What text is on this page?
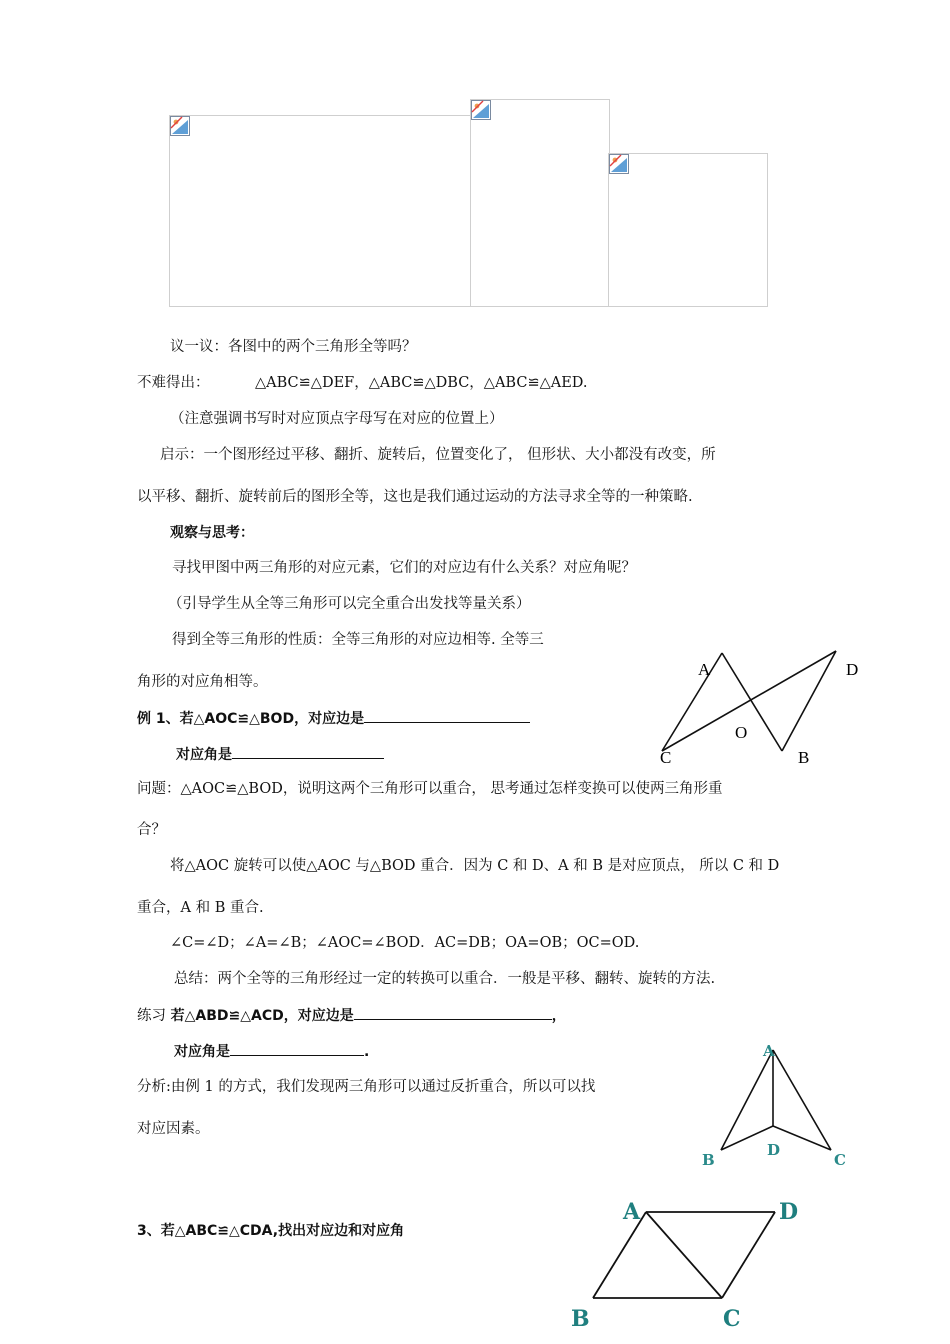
议一议：各图中的两个三角形全等吗？
不难得出：	△ABC≌△DEF，△ABC≌△DBC，△ABC≌△AED.
（注意强调书写时对应顶点字母写在对应的位置上）
启示：一个图形经过平移、翻折、旋转后，位置变化了， 但形状、大小都没有改变，所
以平移、翻折、旋转前后的图形全等，这也是我们通过运动的方法寻求全等的一种策略.
观察与思考：
寻找甲图中两三角形的对应元素，它们的对应边有什么关系？对应角呢？
（引导学生从全等三角形可以完全重合出发找等量关系）
得到全等三角形的性质：全等三角形的对应边相等. 全等三
角形的对应角相等。
例 1、若△AOC≌△BOD，对应边是
对应角是
问题：△AOC≌△BOD，说明这两个三角形可以重合， 思考通过怎样变换可以使两三角形重
合？
将△AOC 旋转可以使△AOC 与△BOD 重合．因为 C 和 D、A 和 B 是对应顶点， 所以 C 和 D
重合，A 和 B 重合.
∠C=∠D；∠A=∠B；∠AOC=∠BOD．AC=DB；OA=OB；OC=OD.
总结：两个全等的三角形经过一定的转换可以重合．一般是平移、翻转、旋转的方法.
练习 若△ABD≌△ACD，对应边是	，
对应角是	.
分析:由例 1 的方式，我们发现两三角形可以通过反折重合，所以可以找
对应因素。
3、若△ABC≌△CDA,找出对应边和对应角
A	D
O
C	B
A
B
D
C
A	D
B	C
